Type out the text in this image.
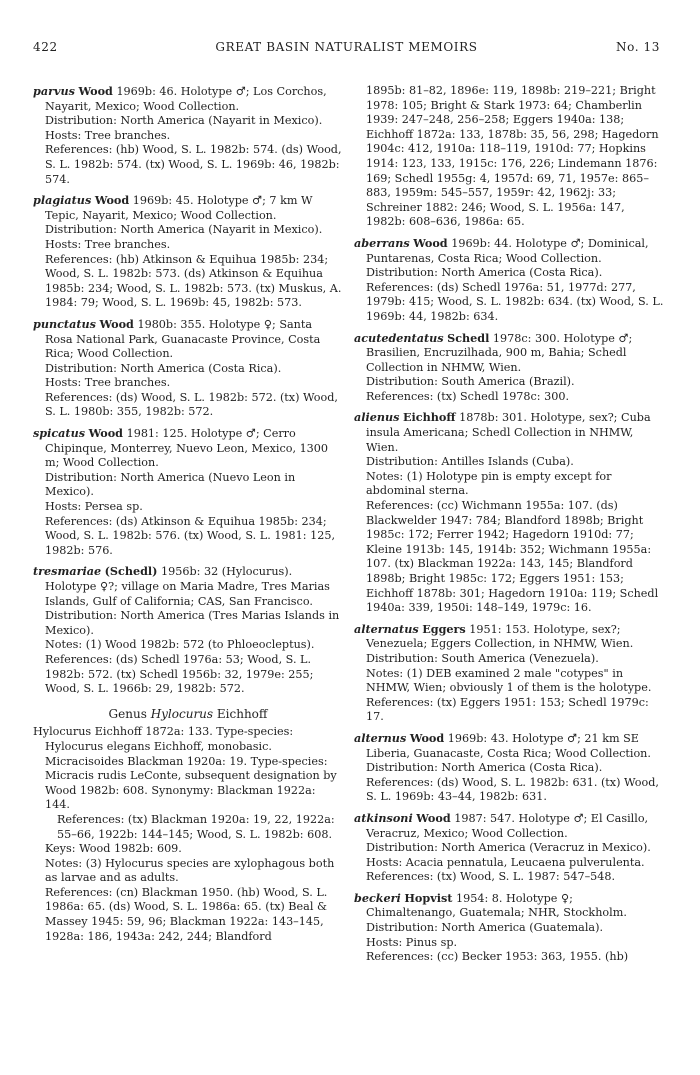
422	GREAT BASIN NATURALIST MEMOIRS	No. 13

parvus Wood 1969b: 46. Holotype ♂; Los Corchos, Nayarit, Mexico; Wood Collection.

Distribution: North America (Nayarit in Mexico).

Hosts: Tree branches.

References: (hb) Wood, S. L. 1982b: 574. (ds) Wood, S. L. 1982b: 574. (tx) Wood, S. L. 1969b: 46, 1982b: 574.

plagiatus Wood 1969b: 45. Holotype ♂; 7 km W Tepic, Nayarit, Mexico; Wood Collection.

Distribution: North America (Nayarit in Mexico).

Hosts: Tree branches.

References: (hb) Atkinson & Equihua 1985b: 234; Wood, S. L. 1982b: 573. (ds) Atkinson & Equihua 1985b: 234; Wood, S. L. 1982b: 573. (tx) Muskus, A. 1984: 79; Wood, S. L. 1969b: 45, 1982b: 573.

punctatus Wood 1980b: 355. Holotype ♀; Santa Rosa National Park, Guanacaste Province, Costa Rica; Wood Collection.

Distribution: North America (Costa Rica).

Hosts: Tree branches.

References: (ds) Wood, S. L. 1982b: 572. (tx) Wood, S. L. 1980b: 355, 1982b: 572.

spicatus Wood 1981: 125. Holotype ♂; Cerro Chipinque, Monterrey, Nuevo Leon, Mexico, 1300 m; Wood Collection.

Distribution: North America (Nuevo Leon in Mexico).

Hosts: Persea sp.

References: (ds) Atkinson & Equihua 1985b: 234; Wood, S. L. 1982b: 576. (tx) Wood, S. L. 1981: 125, 1982b: 576.

tresmariae (Schedl) 1956b: 32 (Hylocurus). Holotype ♀?; village on Maria Madre, Tres Marias Islands, Gulf of California; CAS, San Francisco.

Distribution: North America (Tres Marias Islands in Mexico).

Notes: (1) Wood 1982b: 572 (to Phloeocleptus).

References: (ds) Schedl 1976a: 53; Wood, S. L. 1982b: 572. (tx) Schedl 1956b: 32, 1979e: 255; Wood, S. L. 1966b: 29, 1982b: 572.

Genus Hylocurus Eichhoff

Hylocurus Eichhoff 1872a: 133. Type-species: Hylocurus elegans Eichhoff, monobasic.

Micracisoides Blackman 1920a: 19. Type-species: Micracis rudis LeConte, subsequent designation by Wood 1982b: 608. Synonymy: Blackman 1922a: 144.

References: (tx) Blackman 1920a: 19, 22, 1922a: 55–66, 1922b: 144–145; Wood, S. L. 1982b: 608.

Keys: Wood 1982b: 609.

Notes: (3) Hylocurus species are xylophagous both as larvae and as adults.

References: (cn) Blackman 1950. (hb) Wood, S. L. 1986a: 65. (ds) Wood, S. L. 1986a: 65. (tx) Beal & Massey 1945: 59, 96; Blackman 1922a: 143–145, 1928a: 186, 1943a: 242, 244; Blandford

1895b: 81–82, 1896e: 119, 1898b: 219–221; Bright 1978: 105; Bright & Stark 1973: 64; Chamberlin 1939: 247–248, 256–258; Eggers 1940a: 138; Eichhoff 1872a: 133, 1878b: 35, 56, 298; Hagedorn 1904c: 412, 1910a: 118–119, 1910d: 77; Hopkins 1914: 123, 133, 1915c: 176, 226; Lindemann 1876: 169; Schedl 1955g: 4, 1957d: 69, 71, 1957e: 865–883, 1959m: 545–557, 1959r: 42, 1962j: 33; Schreiner 1882: 246; Wood, S. L. 1956a: 147, 1982b: 608–636, 1986a: 65.

aberrans Wood 1969b: 44. Holotype ♂; Dominical, Puntarenas, Costa Rica; Wood Collection.

Distribution: North America (Costa Rica).

References: (ds) Schedl 1976a: 51, 1977d: 277, 1979b: 415; Wood, S. L. 1982b: 634. (tx) Wood, S. L. 1969b: 44, 1982b: 634.

acutedentatus Schedl 1978c: 300. Holotype ♂; Brasilien, Encruzilhada, 900 m, Bahia; Schedl Collection in NHMW, Wien.

Distribution: South America (Brazil).

References: (tx) Schedl 1978c: 300.

alienus Eichhoff 1878b: 301. Holotype, sex?; Cuba insula Americana; Schedl Collection in NHMW, Wien.

Distribution: Antilles Islands (Cuba).

Notes: (1) Holotype pin is empty except for abdominal sterna.

References: (cc) Wichmann 1955a: 107. (ds) Blackwelder 1947: 784; Blandford 1898b; Bright 1985c: 172; Ferrer 1942; Hagedorn 1910d: 77; Kleine 1913b: 145, 1914b: 352; Wichmann 1955a: 107. (tx) Blackman 1922a: 143, 145; Blandford 1898b; Bright 1985c: 172; Eggers 1951: 153; Eichhoff 1878b: 301; Hagedorn 1910a: 119; Schedl 1940a: 339, 1950i: 148–149, 1979c: 16.

alternatus Eggers 1951: 153. Holotype, sex?; Venezuela; Eggers Collection, in NHMW, Wien.

Distribution: South America (Venezuela).

Notes: (1) DEB examined 2 male "cotypes" in NHMW, Wien; obviously 1 of them is the holotype.

References: (tx) Eggers 1951: 153; Schedl 1979c: 17.

alternus Wood 1969b: 43. Holotype ♂; 21 km SE Liberia, Guanacaste, Costa Rica; Wood Collection.

Distribution: North America (Costa Rica).

References: (ds) Wood, S. L. 1982b: 631. (tx) Wood, S. L. 1969b: 43–44, 1982b: 631.

atkinsoni Wood 1987: 547. Holotype ♂; El Casillo, Veracruz, Mexico; Wood Collection.

Distribution: North America (Veracruz in Mexico).

Hosts: Acacia pennatula, Leucaena pulverulenta.

References: (tx) Wood, S. L. 1987: 547–548.

beckeri Hopvist 1954: 8. Holotype ♀; Chimaltenango, Guatemala; NHR, Stockholm.

Distribution: North America (Guatemala).

Hosts: Pinus sp.

References: (cc) Becker 1953: 363, 1955. (hb)
